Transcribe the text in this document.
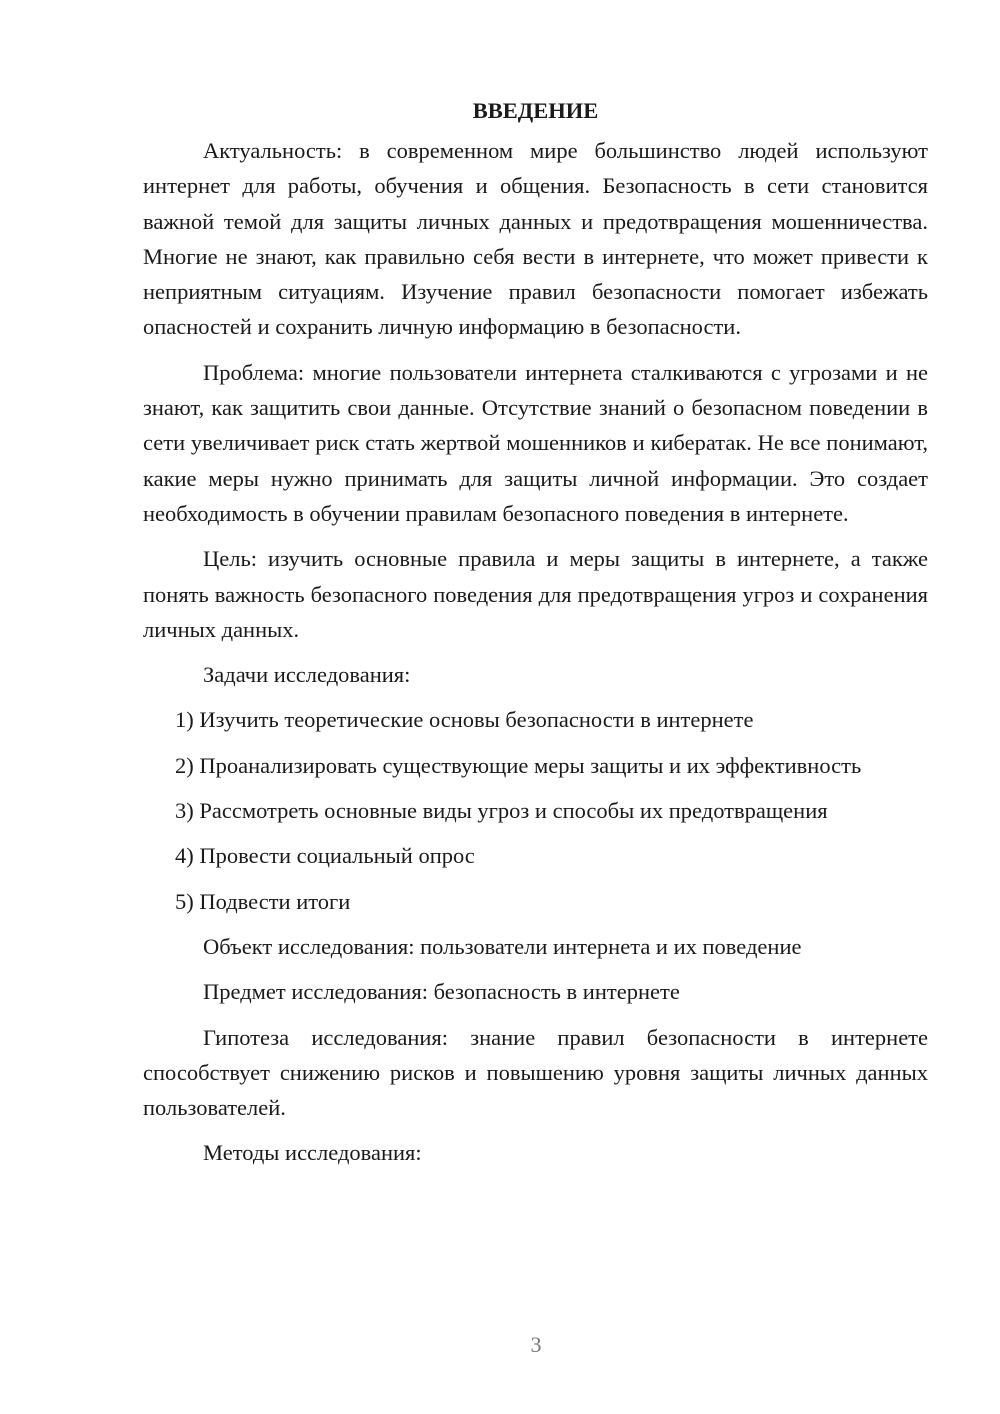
ВВЕДЕНИЕ

Актуальность: в современном мире большинство людей используют интернет для работы, обучения и общения. Безопасность в сети становится важной темой для защиты личных данных и предотвращения мошенничества. Многие не знают, как правильно себя вести в интернете, что может привести к неприятным ситуациям. Изучение правил безопасности помогает избежать опасностей и сохранить личную информацию в безопасности.

Проблема: многие пользователи интернета сталкиваются с угрозами и не знают, как защитить свои данные. Отсутствие знаний о безопасном поведении в сети увеличивает риск стать жертвой мошенников и кибератак. Не все понимают, какие меры нужно принимать для защиты личной информации. Это создает необходимость в обучении правилам безопасного поведения в интернете.

Цель: изучить основные правила и меры защиты в интернете, а также понять важность безопасного поведения для предотвращения угроз и сохранения личных данных.

Задачи исследования:

1) Изучить теоретические основы безопасности в интернете

2) Проанализировать существующие меры защиты и их эффективность

3) Рассмотреть основные виды угроз и способы их предотвращения

4) Провести социальный опрос

5) Подвести итоги

Объект исследования: пользователи интернета и их поведение

Предмет исследования: безопасность в интернете

Гипотеза исследования: знание правил безопасности в интернете способствует снижению рисков и повышению уровня защиты личных данных пользователей.

Методы исследования:

3
